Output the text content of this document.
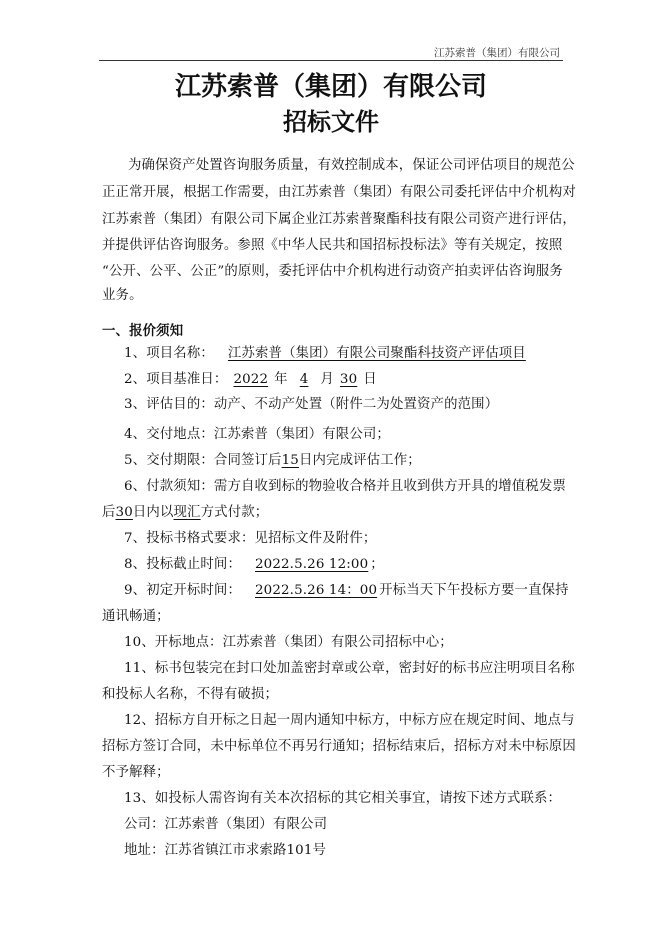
江苏索普（集团）有限公司
江苏索普（集团）有限公司
招标文件
为确保资产处置咨询服务质量，有效控制成本，保证公司评估项目的规范公
正正常开展，根据工作需要，由江苏索普（集团）有限公司委托评估中介机构对
江苏索普（集团）有限公司下属企业江苏索普聚酯科技有限公司资产进行评估，
并提供评估咨询服务。参照《中华人民共和国招标投标法》等有关规定，按照
“公开、公平、公正”的原则，委托评估中介机构进行动资产拍卖评估咨询服务
业务。
一、报价须知
1、项目名称： 江苏索普（集团）有限公司聚酯科技资产评估项目
2、项目基准日： 2022 年 4 月 30 日
3、评估目的：动产、不动产处置（附件二为处置资产的范围）
4、交付地点：江苏索普（集团）有限公司；
5、交付期限：合同签订后15日内完成评估工作；
6、付款须知：需方自收到标的物验收合格并且收到供方开具的增值税发票
后30日内以现汇方式付款；
7、投标书格式要求：见招标文件及附件；
8、投标截止时间： 2022.5.26 12:00 ；
9、初定开标时间： 2022.5.26 14：00 开标当天下午投标方要一直保持
通讯畅通；
10、开标地点：江苏索普（集团）有限公司招标中心；
11、标书包装完在封口处加盖密封章或公章，密封好的标书应注明项目名称
和投标人名称，不得有破损；
12、招标方自开标之日起一周内通知中标方，中标方应在规定时间、地点与
招标方签订合同，未中标单位不再另行通知；招标结束后，招标方对未中标原因
不予解释；
13、如投标人需咨询有关本次招标的其它相关事宜，请按下述方式联系：
公司：江苏索普（集团）有限公司
地址：江苏省镇江市求索路101号
